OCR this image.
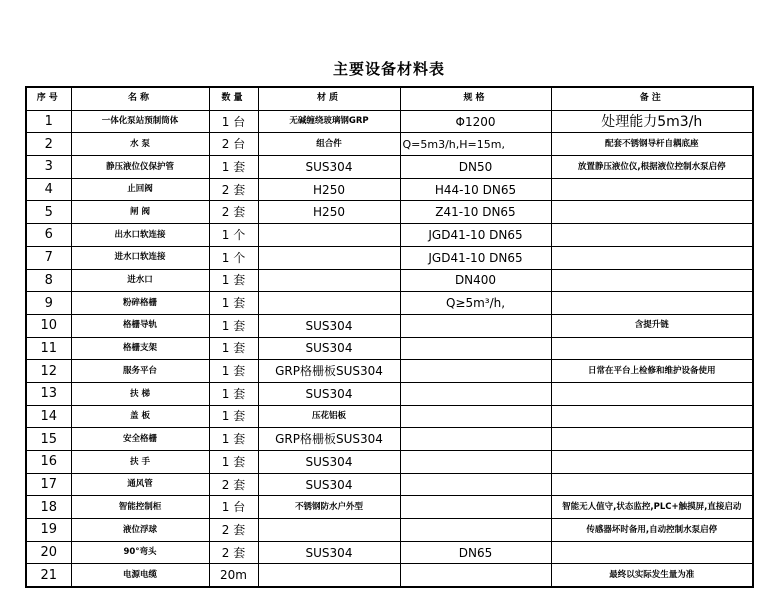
主要设备材料表
序号	名称	数量	材质	规格	备注
1	一体化泵站预制筒体	1 台	无碱缠绕玻璃钢GRP	Φ1200	处理能力5m3/h
2	水 泵	2 台	组合件	Q=5m3/h,H=15m,	配套不锈钢导杆自耦底座
3	静压液位仪保护管	1 套	SUS304	DN50	放置静压液位仪,根据液位控制水泵启停
4	止回阀	2 套	H250	H44-10 DN65	
5	闸 阀	2 套	H250	Z41-10 DN65	
6	出水口软连接	1 个		JGD41-10 DN65	
7	进水口软连接	1 个		JGD41-10 DN65	
8	进水口	1 套		DN400	
9	粉碎格栅	1 套		Q≥5m³/h,	
10	格栅导轨	1 套	SUS304		含提升链
11	格栅支架	1 套	SUS304		
12	服务平台	1 套	GRP格栅板SUS304		日常在平台上检修和维护设备使用
13	扶 梯	1 套	SUS304		
14	盖 板	1 套	压花铝板		
15	安全格栅	1 套	GRP格栅板SUS304		
16	扶 手	1 套	SUS304		
17	通风管	2 套	SUS304		
18	智能控制柜	1 台	不锈钢防水户外型		智能无人值守,状态监控,PLC+触摸屏,直接启动
19	液位浮球	2 套			传感器坏时备用,自动控制水泵启停
20	90°弯头	2 套	SUS304	DN65	
21	电源电缆	20m			最终以实际发生量为准
